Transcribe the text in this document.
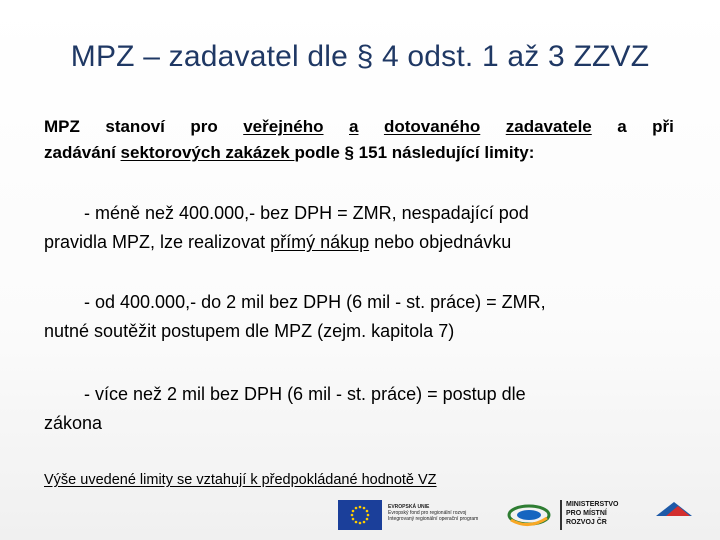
MPZ – zadavatel dle § 4 odst. 1 až 3 ZZVZ
MPZ stanoví pro veřejného a dotovaného zadavatele a při
zadávání sektorových zakázek podle § 151 následující limity:
- méně než 400.000,- bez DPH = ZMR, nespadající pod
pravidla MPZ, lze realizovat přímý nákup nebo objednávku
- od 400.000,- do 2 mil bez DPH (6 mil - st. práce) = ZMR,
nutné soutěžit postupem dle MPZ (zejm. kapitola 7)
- více než 2 mil bez DPH (6 mil - st. práce) = postup dle
zákona
Výše uvedené limity se vztahují k předpokládané hodnotě VZ
EVROPSKÁ UNIE
Evropský fond pro regionální rozvoj
Integrovaný regionální operační program
MINISTERSTVO
PRO MÍSTNÍ
ROZVOJ ČR
